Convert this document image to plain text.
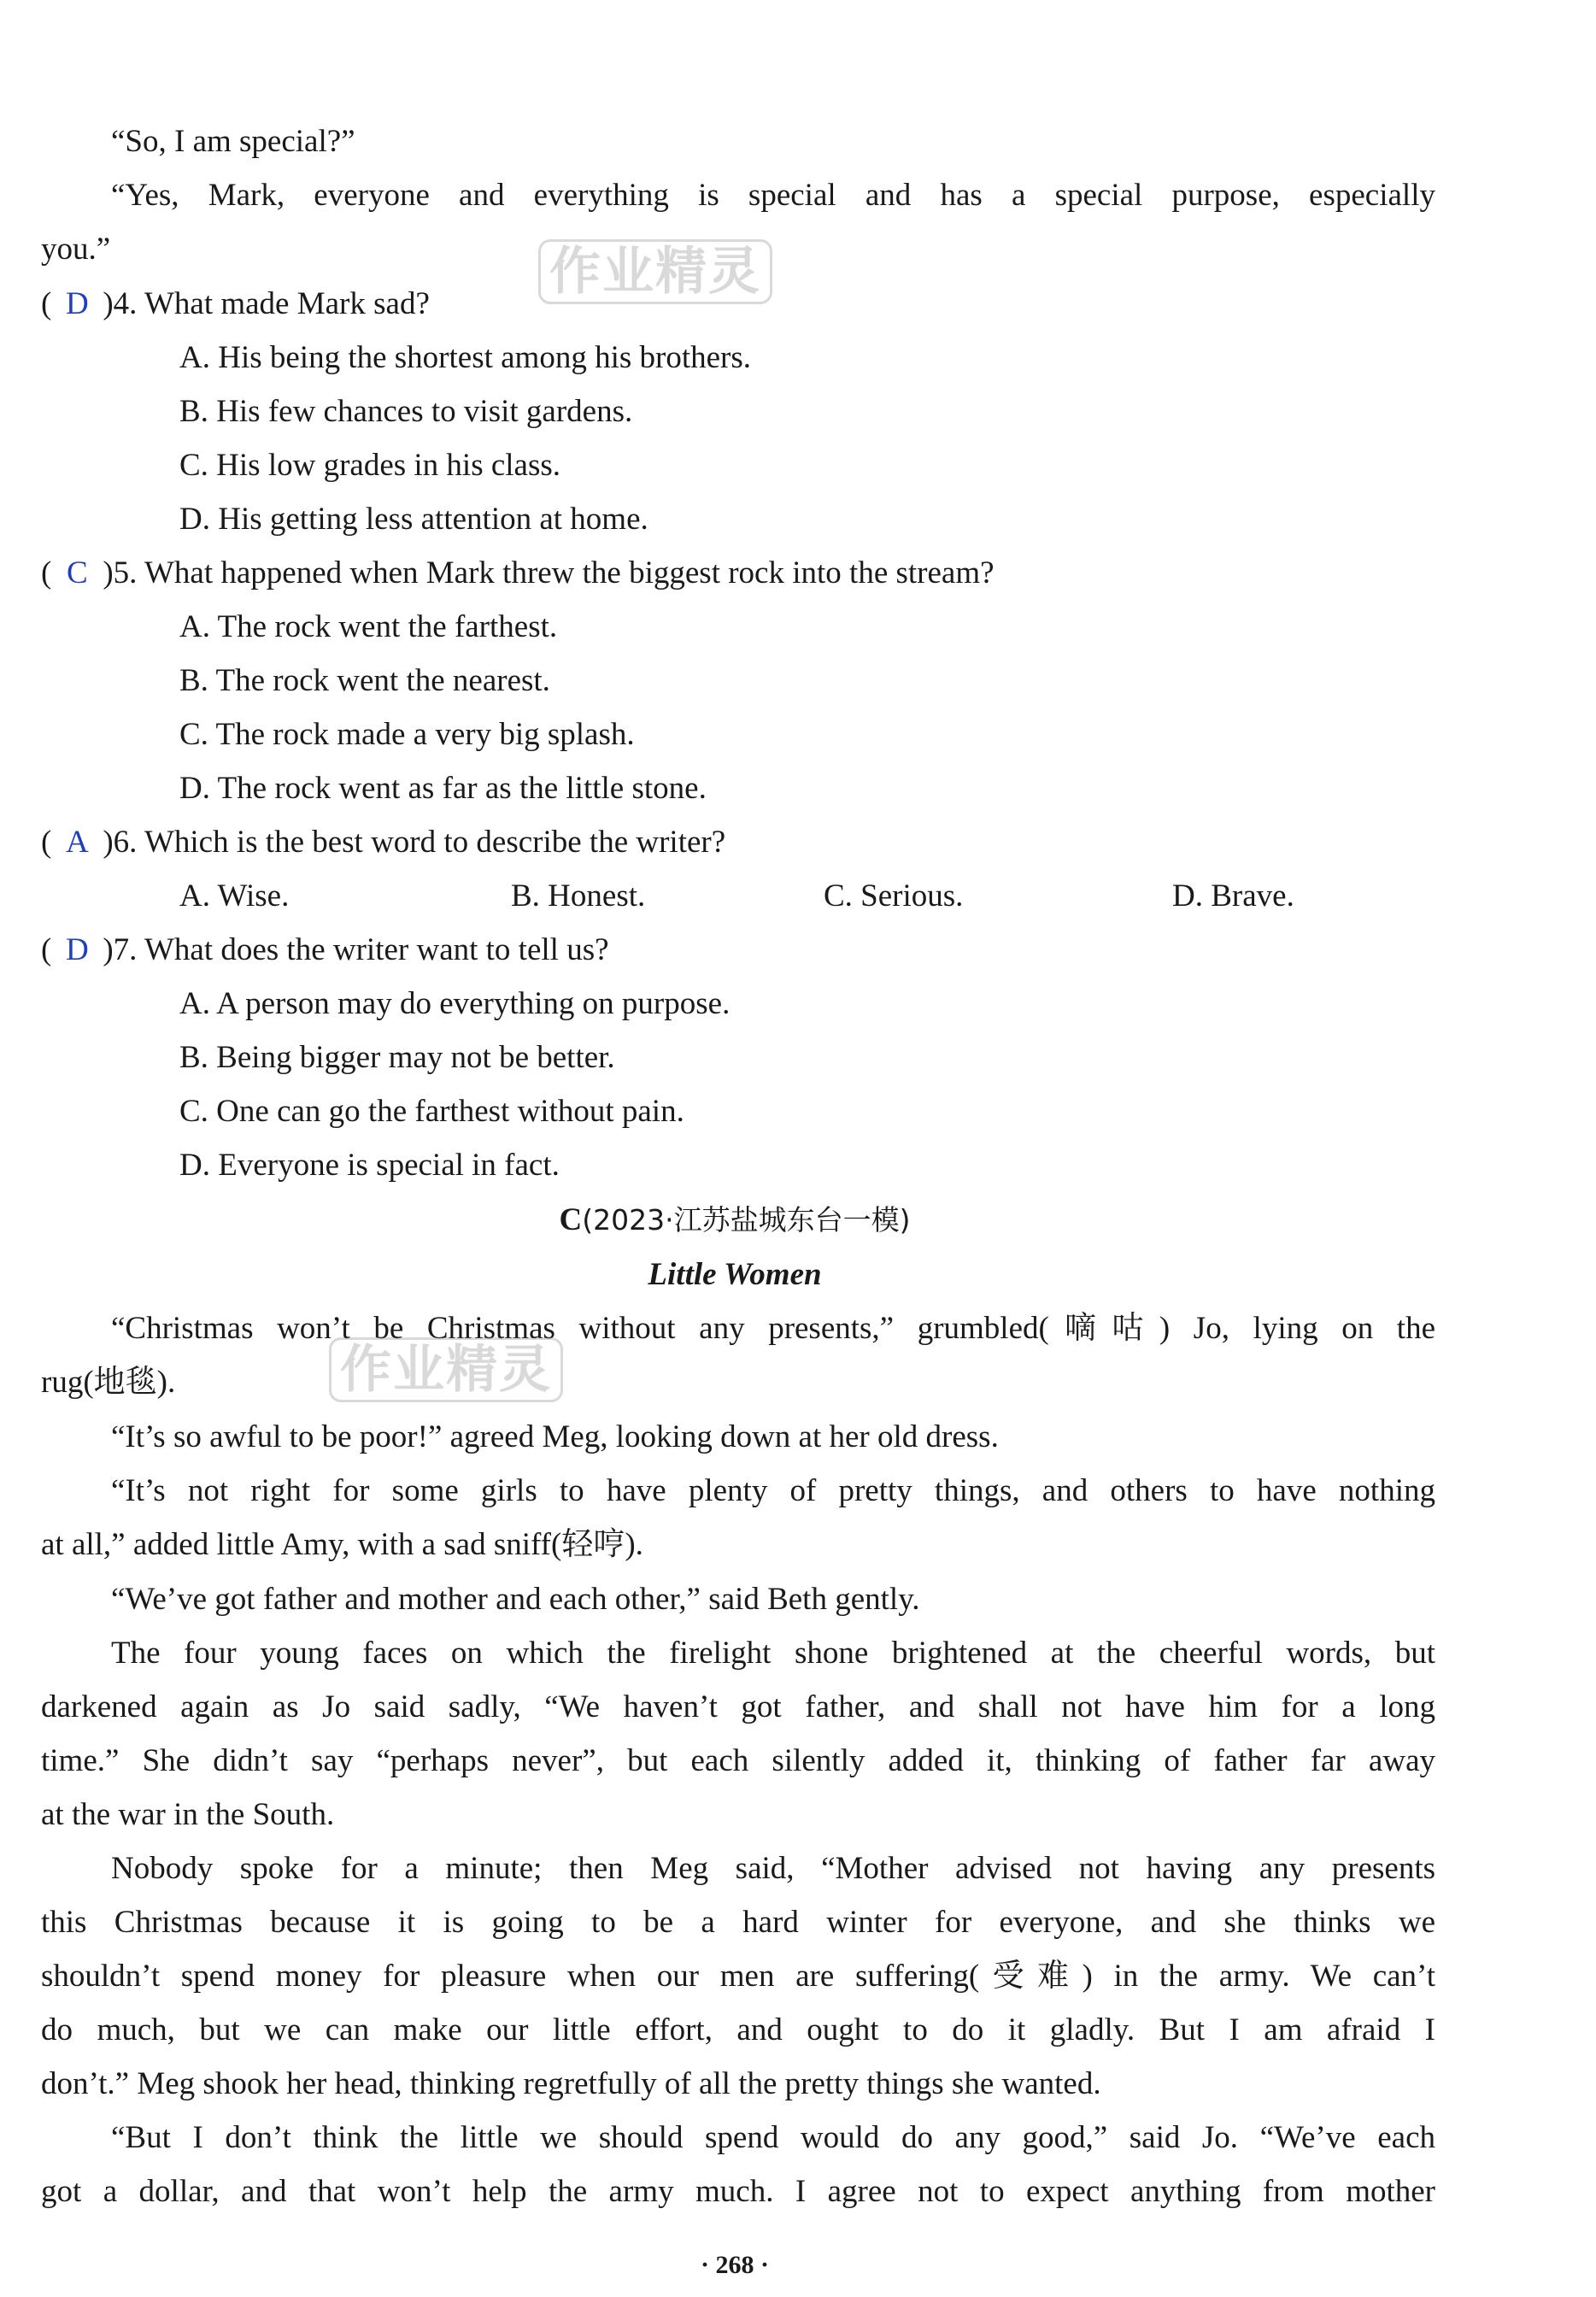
“So, I am special?”
“Yes, Mark, everyone and everything is special and has a special purpose, especially
you.”
( D )4. What made Mark sad?
A. His being the shortest among his brothers.
B. His few chances to visit gardens.
C. His low grades in his class.
D. His getting less attention at home.
( C )5. What happened when Mark threw the biggest rock into the stream?
A. The rock went the farthest.
B. The rock went the nearest.
C. The rock made a very big splash.
D. The rock went as far as the little stone.
( A )6. Which is the best word to describe the writer?
A. Wise.	B. Honest.	C. Serious.	D. Brave.
( D )7. What does the writer want to tell us?
A. A person may do everything on purpose.
B. Being bigger may not be better.
C. One can go the farthest without pain.
D. Everyone is special in fact.
C(2023·江苏盐城东台一模)
Little Women
“Christmas won’t be Christmas without any presents,” grumbled(嘀咕) Jo, lying on the
rug(地毯).
“It’s so awful to be poor!” agreed Meg, looking down at her old dress.
“It’s not right for some girls to have plenty of pretty things, and others to have nothing
at all,” added little Amy, with a sad sniff(轻哼).
“We’ve got father and mother and each other,” said Beth gently.
The four young faces on which the firelight shone brightened at the cheerful words, but
darkened again as Jo said sadly, “We haven’t got father, and shall not have him for a long
time.” She didn’t say “perhaps never”, but each silently added it, thinking of father far away
at the war in the South.
Nobody spoke for a minute; then Meg said, “Mother advised not having any presents
this Christmas because it is going to be a hard winter for everyone, and she thinks we
shouldn’t spend money for pleasure when our men are suffering(受难) in the army. We can’t
do much, but we can make our little effort, and ought to do it gladly. But I am afraid I
don’t.” Meg shook her head, thinking regretfully of all the pretty things she wanted.
“But I don’t think the little we should spend would do any good,” said Jo. “We’ve each
got a dollar, and that won’t help the army much. I agree not to expect anything from mother
作业精灵
作业精灵
· 268 ·
